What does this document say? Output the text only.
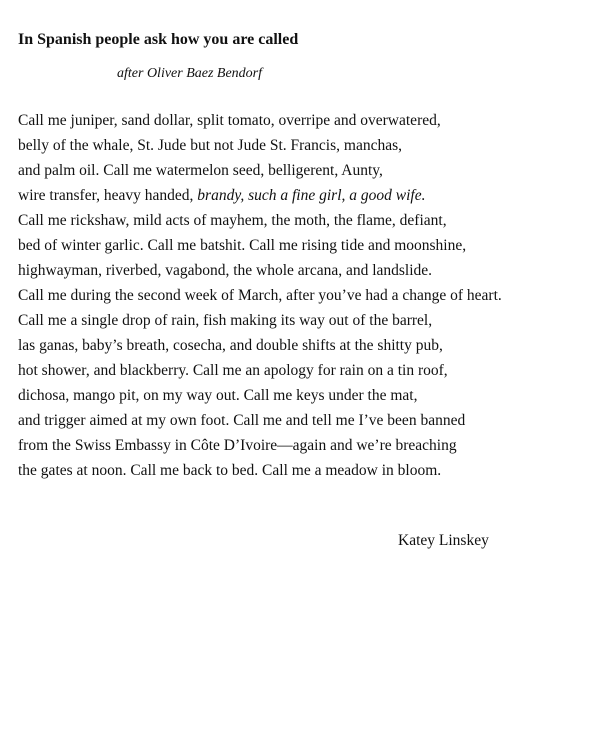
In Spanish people ask how you are called
after Oliver Baez Bendorf
Call me juniper, sand dollar, split tomato, overripe and overwatered,
belly of the whale, St. Jude but not Jude St. Francis, manchas,
and palm oil. Call me watermelon seed, belligerent, Aunty,
wire transfer, heavy handed, brandy, such a fine girl, a good wife.
Call me rickshaw, mild acts of mayhem, the moth, the flame, defiant,
bed of winter garlic. Call me batshit. Call me rising tide and moonshine,
highwayman, riverbed, vagabond, the whole arcana, and landslide.
Call me during the second week of March, after you’ve had a change of heart.
Call me a single drop of rain, fish making its way out of the barrel,
las ganas, baby’s breath, cosecha, and double shifts at the shitty pub,
hot shower, and blackberry. Call me an apology for rain on a tin roof,
dichosa, mango pit, on my way out. Call me keys under the mat,
and trigger aimed at my own foot. Call me and tell me I’ve been banned
from the Swiss Embassy in Côte D’Ivoire—again and we’re breaching
the gates at noon. Call me back to bed. Call me a meadow in bloom.
Katey Linskey
